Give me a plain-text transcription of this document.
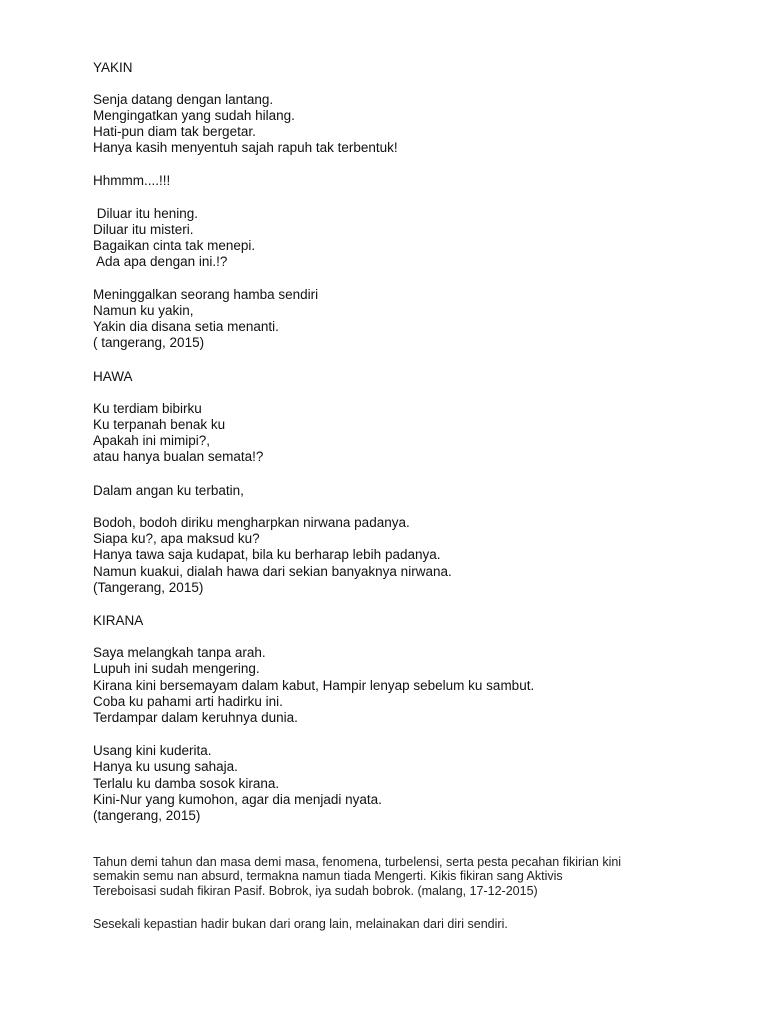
YAKIN
Senja datang dengan lantang.
Mengingatkan yang sudah hilang.
Hati-pun diam tak bergetar.
Hanya kasih menyentuh sajah rapuh tak terbentuk!
Hhmmm....!!!
Diluar itu hening.
Diluar itu misteri.
Bagaikan cinta tak menepi.
Ada apa dengan ini.!?
Meninggalkan seorang hamba sendiri
Namun ku yakin,
Yakin dia disana setia menanti.
( tangerang, 2015)
HAWA
Ku terdiam bibirku
Ku terpanah benak ku
Apakah ini mimipi?,
atau hanya bualan semata!?
Dalam angan ku terbatin,
Bodoh, bodoh diriku mengharpkan nirwana padanya.
Siapa ku?, apa maksud ku?
Hanya tawa saja kudapat, bila ku berharap lebih padanya.
Namun kuakui, dialah hawa dari sekian banyaknya nirwana.
(Tangerang, 2015)
KIRANA
Saya melangkah tanpa arah.
Lupuh ini sudah mengering.
Kirana kini bersemayam dalam kabut, Hampir lenyap sebelum ku sambut.
Coba ku pahami arti hadirku ini.
Terdampar dalam keruhnya dunia.
Usang kini kuderita.
Hanya ku usung sahaja.
Terlalu ku damba sosok kirana.
Kini-Nur yang kumohon, agar dia menjadi nyata.
(tangerang, 2015)
Tahun demi tahun dan masa demi masa, fenomena, turbelensi, serta pesta pecahan fikirian kini
semakin semu nan absurd, termakna namun tiada Mengerti. Kikis fikiran sang Aktivis
Tereboisasi sudah fikiran Pasif. Bobrok, iya sudah bobrok. (malang, 17-12-2015)
Sesekali kepastian hadir bukan dari orang lain, melainakan dari diri sendiri.
